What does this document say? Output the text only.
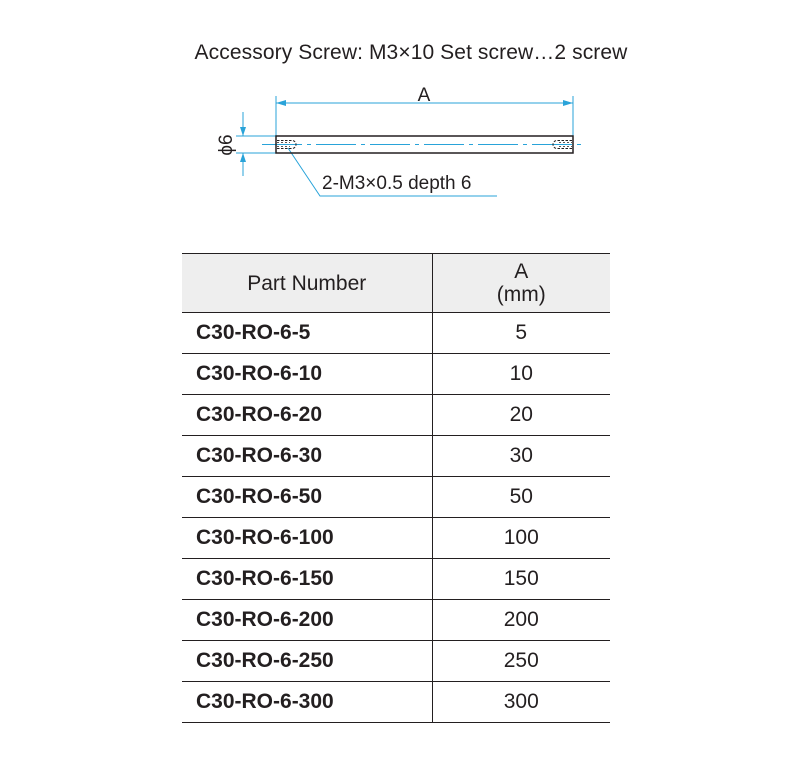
Accessory Screw: M3×10 Set screw…2 screw
A
ϕ6
2-M3×0.5 depth 6
Part Number	A
(mm)

C30-RO-6-5	5
C30-RO-6-10	10
C30-RO-6-20	20
C30-RO-6-30	30
C30-RO-6-50	50
C30-RO-6-100	100
C30-RO-6-150	150
C30-RO-6-200	200
C30-RO-6-250	250
C30-RO-6-300	300
